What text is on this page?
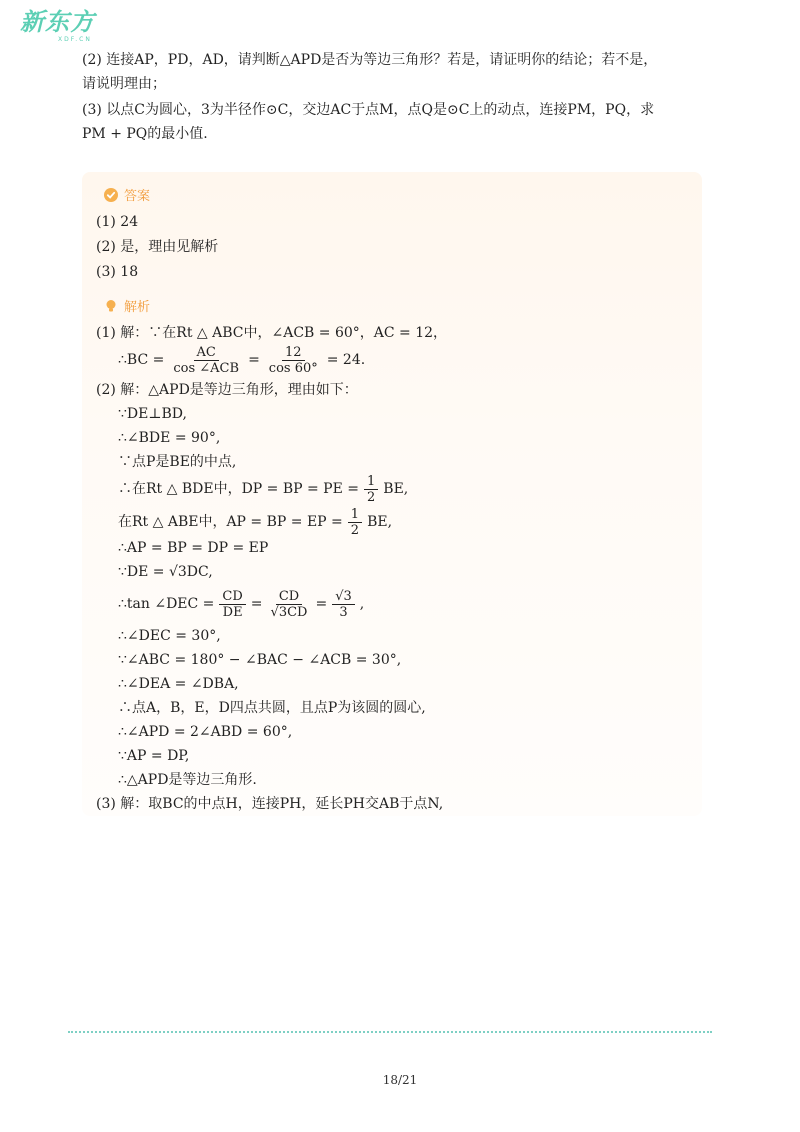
新东方
XDF.CN
(2) 连接AP，PD，AD，请判断△APD是否为等边三角形？若是，请证明你的结论；若不是，
请说明理由；
(3) 以点C为圆心，3为半径作⊙C，交边AC于点M，点Q是⊙C上的动点，连接PM，PQ，求
PM + PQ的最小值.
答案
(1) 24
(2) 是，理由见解析
(3) 18
解析
(1) 解：∵在Rt △ ABC中，∠ACB = 60°，AC = 12，
∴BC = $\frac{AC}{\text{cos ∠ACB}} = \frac{12}{\cos 60^\circ} = 24$.
(2) 解：△APD是等边三角形，理由如下：
∵DE⊥BD,
∴∠BDE = 90°,
∵点P是BE的中点,
∴在Rt △ BDE中，DP = BP = PE = $\frac{1}{2}$ BE,
在Rt △ ABE中，AP = BP = EP = $\frac{1}{2}$ BE,
∴AP = BP = DP = EP
∵DE = √3DC,
∴tan ∠DEC = $\frac{CD}{DE} = \frac{CD}{√3CD} = \frac{√3}{3}$ ,
∴∠DEC = 30°,
∵∠ABC = 180° − ∠BAC − ∠ACB = 30°,
∴∠DEA = ∠DBA,
∴点A，B，E，D四点共圆，且点P为该圆的圆心,
∴∠APD = 2∠ABD = 60°,
∵AP = DP,
∴△APD是等边三角形.
(3) 解：取BC的中点H，连接PH，延长PH交AB于点N,
18/21
